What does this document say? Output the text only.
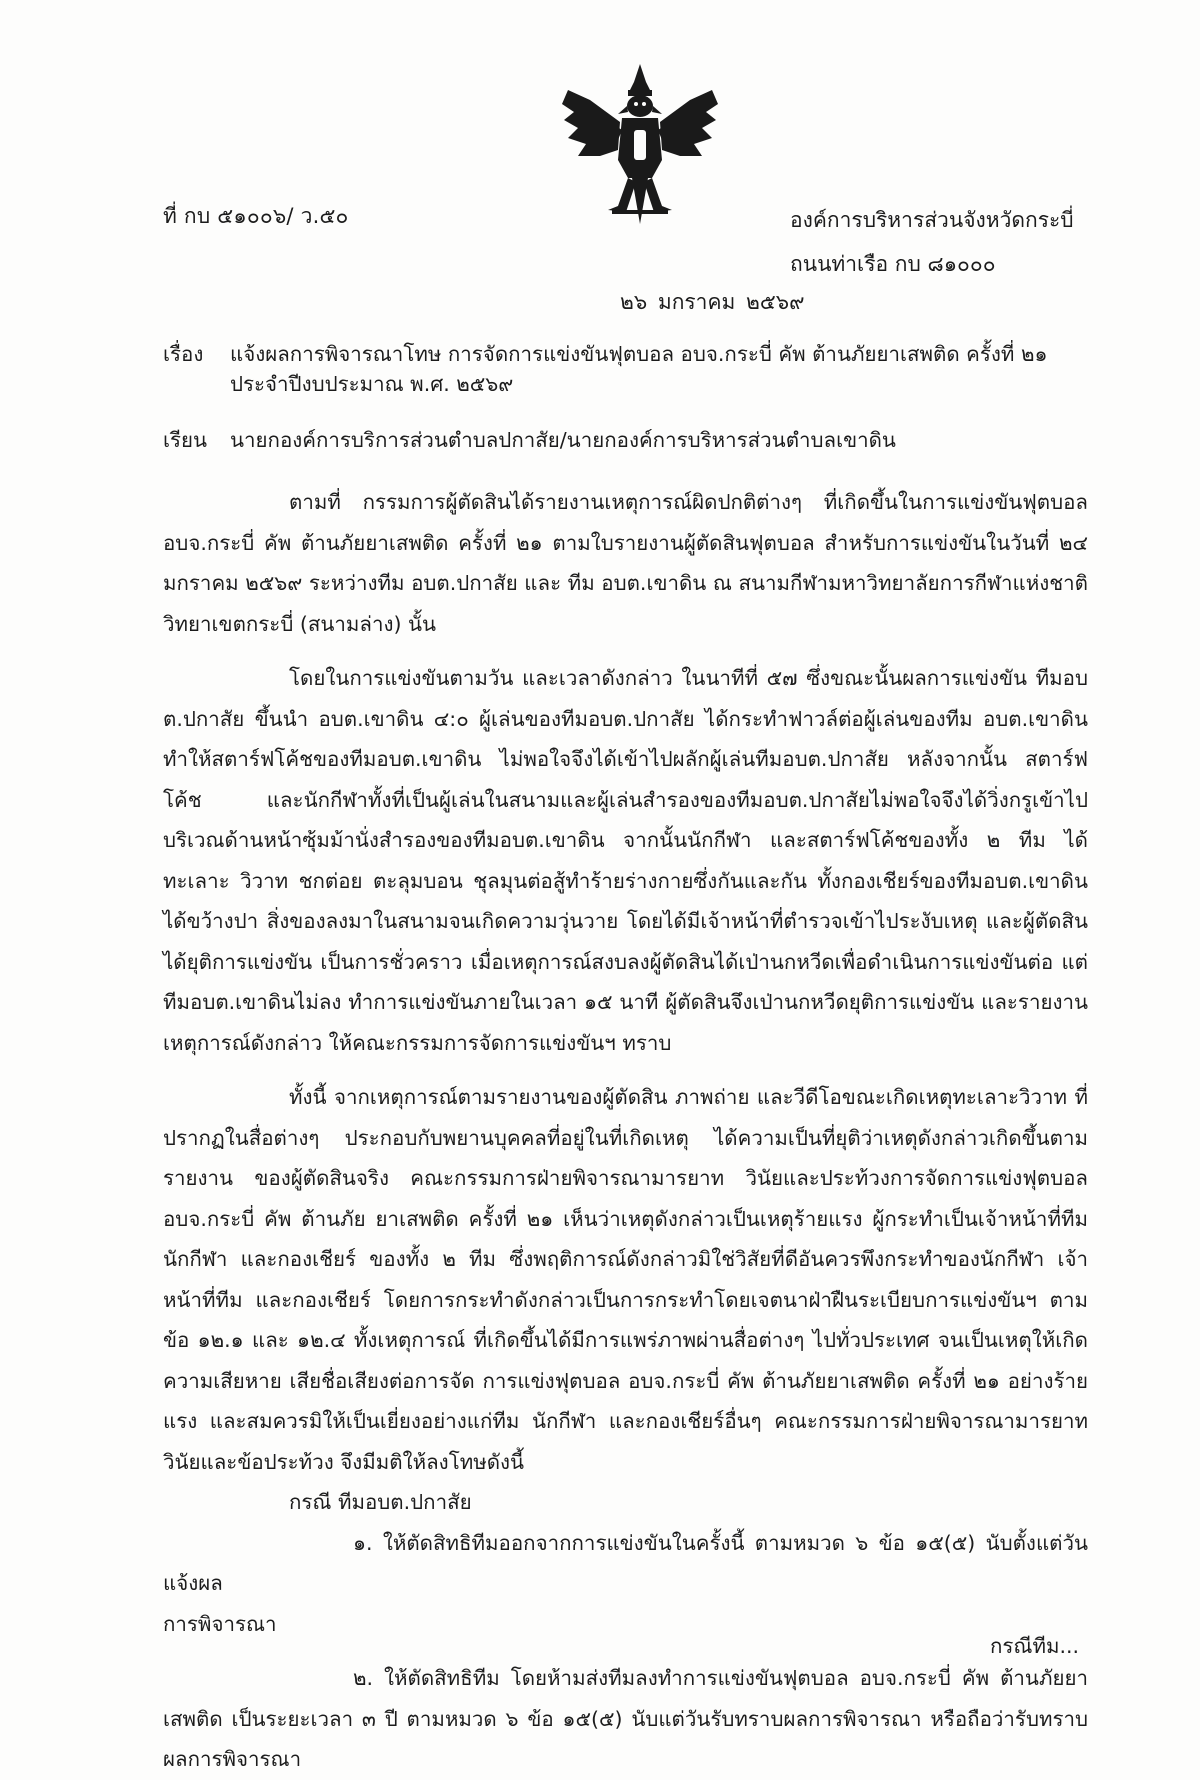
ที่ กบ ๕๑๐๐๖/ ว.๕๐	องค์การบริหารส่วนจังหวัดกระบี่
ถนนท่าเรือ กบ ๘๑๐๐๐
๒๖ มกราคม ๒๕๖๙
เรื่อง แจ้งผลการพิจารณาโทษ การจัดการแข่งขันฟุตบอล อบจ.กระบี่ คัพ ต้านภัยยาเสพติด ครั้งที่ ๒๑
ประจำปีงบประมาณ พ.ศ. ๒๕๖๙
เรียน นายกองค์การบริการส่วนตำบลปกาสัย/นายกองค์การบริหารส่วนตำบลเขาดิน

ตามที่ กรรมการผู้ตัดสินได้รายงานเหตุการณ์ผิดปกติต่างๆ ที่เกิดขึ้นในการแข่งขันฟุตบอล อบจ.กระบี่ คัพ ต้านภัยยาเสพติด ครั้งที่ ๒๑ ตามใบรายงานผู้ตัดสินฟุตบอล สำหรับการแข่งขันในวันที่ ๒๔ มกราคม ๒๕๖๙ ระหว่างทีม อบต.ปกาสัย และ ทีม อบต.เขาดิน ณ สนามกีฬามหาวิทยาลัยการกีฬาแห่งชาติ วิทยาเขตกระบี่ (สนามล่าง) นั้น

โดยในการแข่งขันตามวัน และเวลาดังกล่าว ในนาทีที่ ๕๗ ซึ่งขณะนั้นผลการแข่งขัน ทีมอบต.ปกาสัย ขึ้นนำ อบต.เขาดิน ๔:๐ ผู้เล่นของทีมอบต.ปกาสัย ได้กระทำฟาวล์ต่อผู้เล่นของทีม อบต.เขาดิน ทำให้สตาร์ฟโค้ชของทีมอบต.เขาดิน ไม่พอใจจึงได้เข้าไปผลักผู้เล่นทีมอบต.ปกาสัย หลังจากนั้น สตาร์ฟโค้ช และนักกีฬาทั้งที่เป็นผู้เล่นในสนามและผู้เล่นสำรองของทีมอบต.ปกาสัยไม่พอใจจึงได้วิ่งกรูเข้าไป บริเวณด้านหน้าซุ้มม้านั่งสำรองของทีมอบต.เขาดิน จากนั้นนักกีฬา และสตาร์ฟโค้ชของทั้ง ๒ ทีม ได้ทะเลาะ วิวาท ชกต่อย ตะลุมบอน ชุลมุนต่อสู้ทำร้ายร่างกายซึ่งกันและกัน ทั้งกองเชียร์ของทีมอบต.เขาดินได้ขว้างปา สิ่งของลงมาในสนามจนเกิดความวุ่นวาย โดยได้มีเจ้าหน้าที่ตำรวจเข้าไประงับเหตุ และผู้ตัดสินได้ยุติการแข่งขัน เป็นการชั่วคราว เมื่อเหตุการณ์สงบลงผู้ตัดสินได้เป่านกหวีดเพื่อดำเนินการแข่งขันต่อ แต่ทีมอบต.เขาดินไม่ลง ทำการแข่งขันภายในเวลา ๑๕ นาที ผู้ตัดสินจึงเป่านกหวีดยุติการแข่งขัน และรายงานเหตุการณ์ดังกล่าว ให้คณะกรรมการจัดการแข่งขันฯ ทราบ

ทั้งนี้ จากเหตุการณ์ตามรายงานของผู้ตัดสิน ภาพถ่าย และวีดีโอขณะเกิดเหตุทะเลาะวิวาท ที่ปรากฏในสื่อต่างๆ ประกอบกับพยานบุคคลที่อยู่ในที่เกิดเหตุ ได้ความเป็นที่ยุติว่าเหตุดังกล่าวเกิดขึ้นตามรายงาน ของผู้ตัดสินจริง คณะกรรมการฝ่ายพิจารณามารยาท วินัยและประท้วงการจัดการแข่งฟุตบอล อบจ.กระบี่ คัพ ต้านภัย ยาเสพติด ครั้งที่ ๒๑ เห็นว่าเหตุดังกล่าวเป็นเหตุร้ายแรง ผู้กระทำเป็นเจ้าหน้าที่ทีม นักกีฬา และกองเชียร์ ของทั้ง ๒ ทีม ซึ่งพฤติการณ์ดังกล่าวมิใช่วิสัยที่ดีอันควรพึงกระทำของนักกีฬา เจ้าหน้าที่ทีม และกองเชียร์ โดยการกระทำดังกล่าวเป็นการกระทำโดยเจตนาฝ่าฝืนระเบียบการแข่งขันฯ ตามข้อ ๑๒.๑ และ ๑๒.๔ ทั้งเหตุการณ์ ที่เกิดขึ้นได้มีการแพร่ภาพผ่านสื่อต่างๆ ไปทั่วประเทศ จนเป็นเหตุให้เกิดความเสียหาย เสียชื่อเสียงต่อการจัด การแข่งฟุตบอล อบจ.กระบี่ คัพ ต้านภัยยาเสพติด ครั้งที่ ๒๑ อย่างร้ายแรง และสมควรมิให้เป็นเยี่ยงอย่างแก่ทีม นักกีฬา และกองเชียร์อื่นๆ คณะกรรมการฝ่ายพิจารณามารยาท วินัยและข้อประท้วง จึงมีมติให้ลงโทษดังนี้

กรณี ทีมอบต.ปกาสัย

๑. ให้ตัดสิทธิทีมออกจากการแข่งขันในครั้งนี้ ตามหมวด ๖ ข้อ ๑๕(๕) นับตั้งแต่วันแจ้งผล

การพิจารณา

๒. ให้ตัดสิทธิทีม โดยห้ามส่งทีมลงทำการแข่งขันฟุตบอล อบจ.กระบี่ คัพ ต้านภัยยาเสพติด เป็นระยะเวลา ๓ ปี ตามหมวด ๖ ข้อ ๑๕(๕) นับแต่วันรับทราบผลการพิจารณา หรือถือว่ารับทราบผลการพิจารณา

กรณีทีม...
